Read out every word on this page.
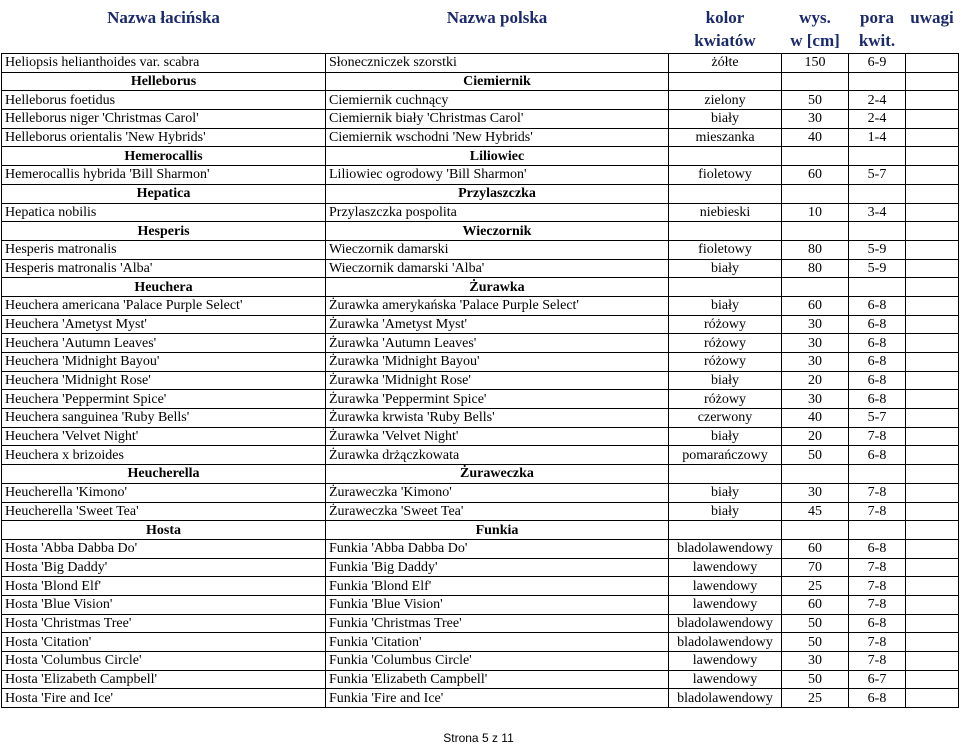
Nazwa łacińska	Nazwa polska	kolor	wys.	pora	uwagi
		kwiatów	w [cm]	kwit.	
Heliopsis helianthoides var. scabra	Słoneczniczek szorstki	żółte	150	6-9	
Helleborus	Ciemiernik				
Helleborus foetidus	Ciemiernik cuchnący	zielony	50	2-4	
Helleborus niger 'Christmas Carol'	Ciemiernik biały 'Christmas Carol'	biały	30	2-4	
Helleborus orientalis 'New Hybrids'	Ciemiernik wschodni 'New Hybrids'	mieszanka	40	1-4	
Hemerocallis	Liliowiec				
Hemerocallis hybrida 'Bill Sharmon'	Liliowiec ogrodowy 'Bill Sharmon'	fioletowy	60	5-7	
Hepatica	Przylaszczka				
Hepatica nobilis	Przylaszczka pospolita	niebieski	10	3-4	
Hesperis	Wieczornik				
Hesperis matronalis	Wieczornik damarski	fioletowy	80	5-9	
Hesperis matronalis 'Alba'	Wieczornik damarski 'Alba'	biały	80	5-9	
Heuchera	Żurawka				
Heuchera americana 'Palace Purple Select'	Żurawka amerykańska 'Palace Purple Select'	biały	60	6-8	
Heuchera 'Ametyst Myst'	Żurawka 'Ametyst Myst'	różowy	30	6-8	
Heuchera 'Autumn Leaves'	Żurawka 'Autumn Leaves'	różowy	30	6-8	
Heuchera 'Midnight Bayou'	Żurawka 'Midnight Bayou'	różowy	30	6-8	
Heuchera 'Midnight Rose'	Żurawka 'Midnight Rose'	biały	20	6-8	
Heuchera 'Peppermint Spice'	Żurawka 'Peppermint Spice'	różowy	30	6-8	
Heuchera sanguinea 'Ruby Bells'	Żurawka krwista 'Ruby Bells'	czerwony	40	5-7	
Heuchera 'Velvet Night'	Żurawka 'Velvet Night'	biały	20	7-8	
Heuchera x brizoides	Żurawka drżączkowata	pomarańczowy	50	6-8	
Heucherella	Żuraweczka				
Heucherella 'Kimono'	Żuraweczka 'Kimono'	biały	30	7-8	
Heucherella 'Sweet Tea'	Żuraweczka 'Sweet Tea'	biały	45	7-8	
Hosta	Funkia				
Hosta 'Abba Dabba Do'	Funkia 'Abba Dabba Do'	bladolawendowy	60	6-8	
Hosta 'Big Daddy'	Funkia 'Big Daddy'	lawendowy	70	7-8	
Hosta 'Blond Elf'	Funkia 'Blond Elf'	lawendowy	25	7-8	
Hosta 'Blue Vision'	Funkia 'Blue Vision'	lawendowy	60	7-8	
Hosta 'Christmas Tree'	Funkia 'Christmas Tree'	bladolawendowy	50	6-8	
Hosta 'Citation'	Funkia 'Citation'	bladolawendowy	50	7-8	
Hosta 'Columbus Circle'	Funkia 'Columbus Circle'	lawendowy	30	7-8	
Hosta 'Elizabeth Campbell'	Funkia 'Elizabeth Campbell'	lawendowy	50	6-7	
Hosta 'Fire and Ice'	Funkia 'Fire and Ice'	bladolawendowy	25	6-8	
Strona 5 z 11
